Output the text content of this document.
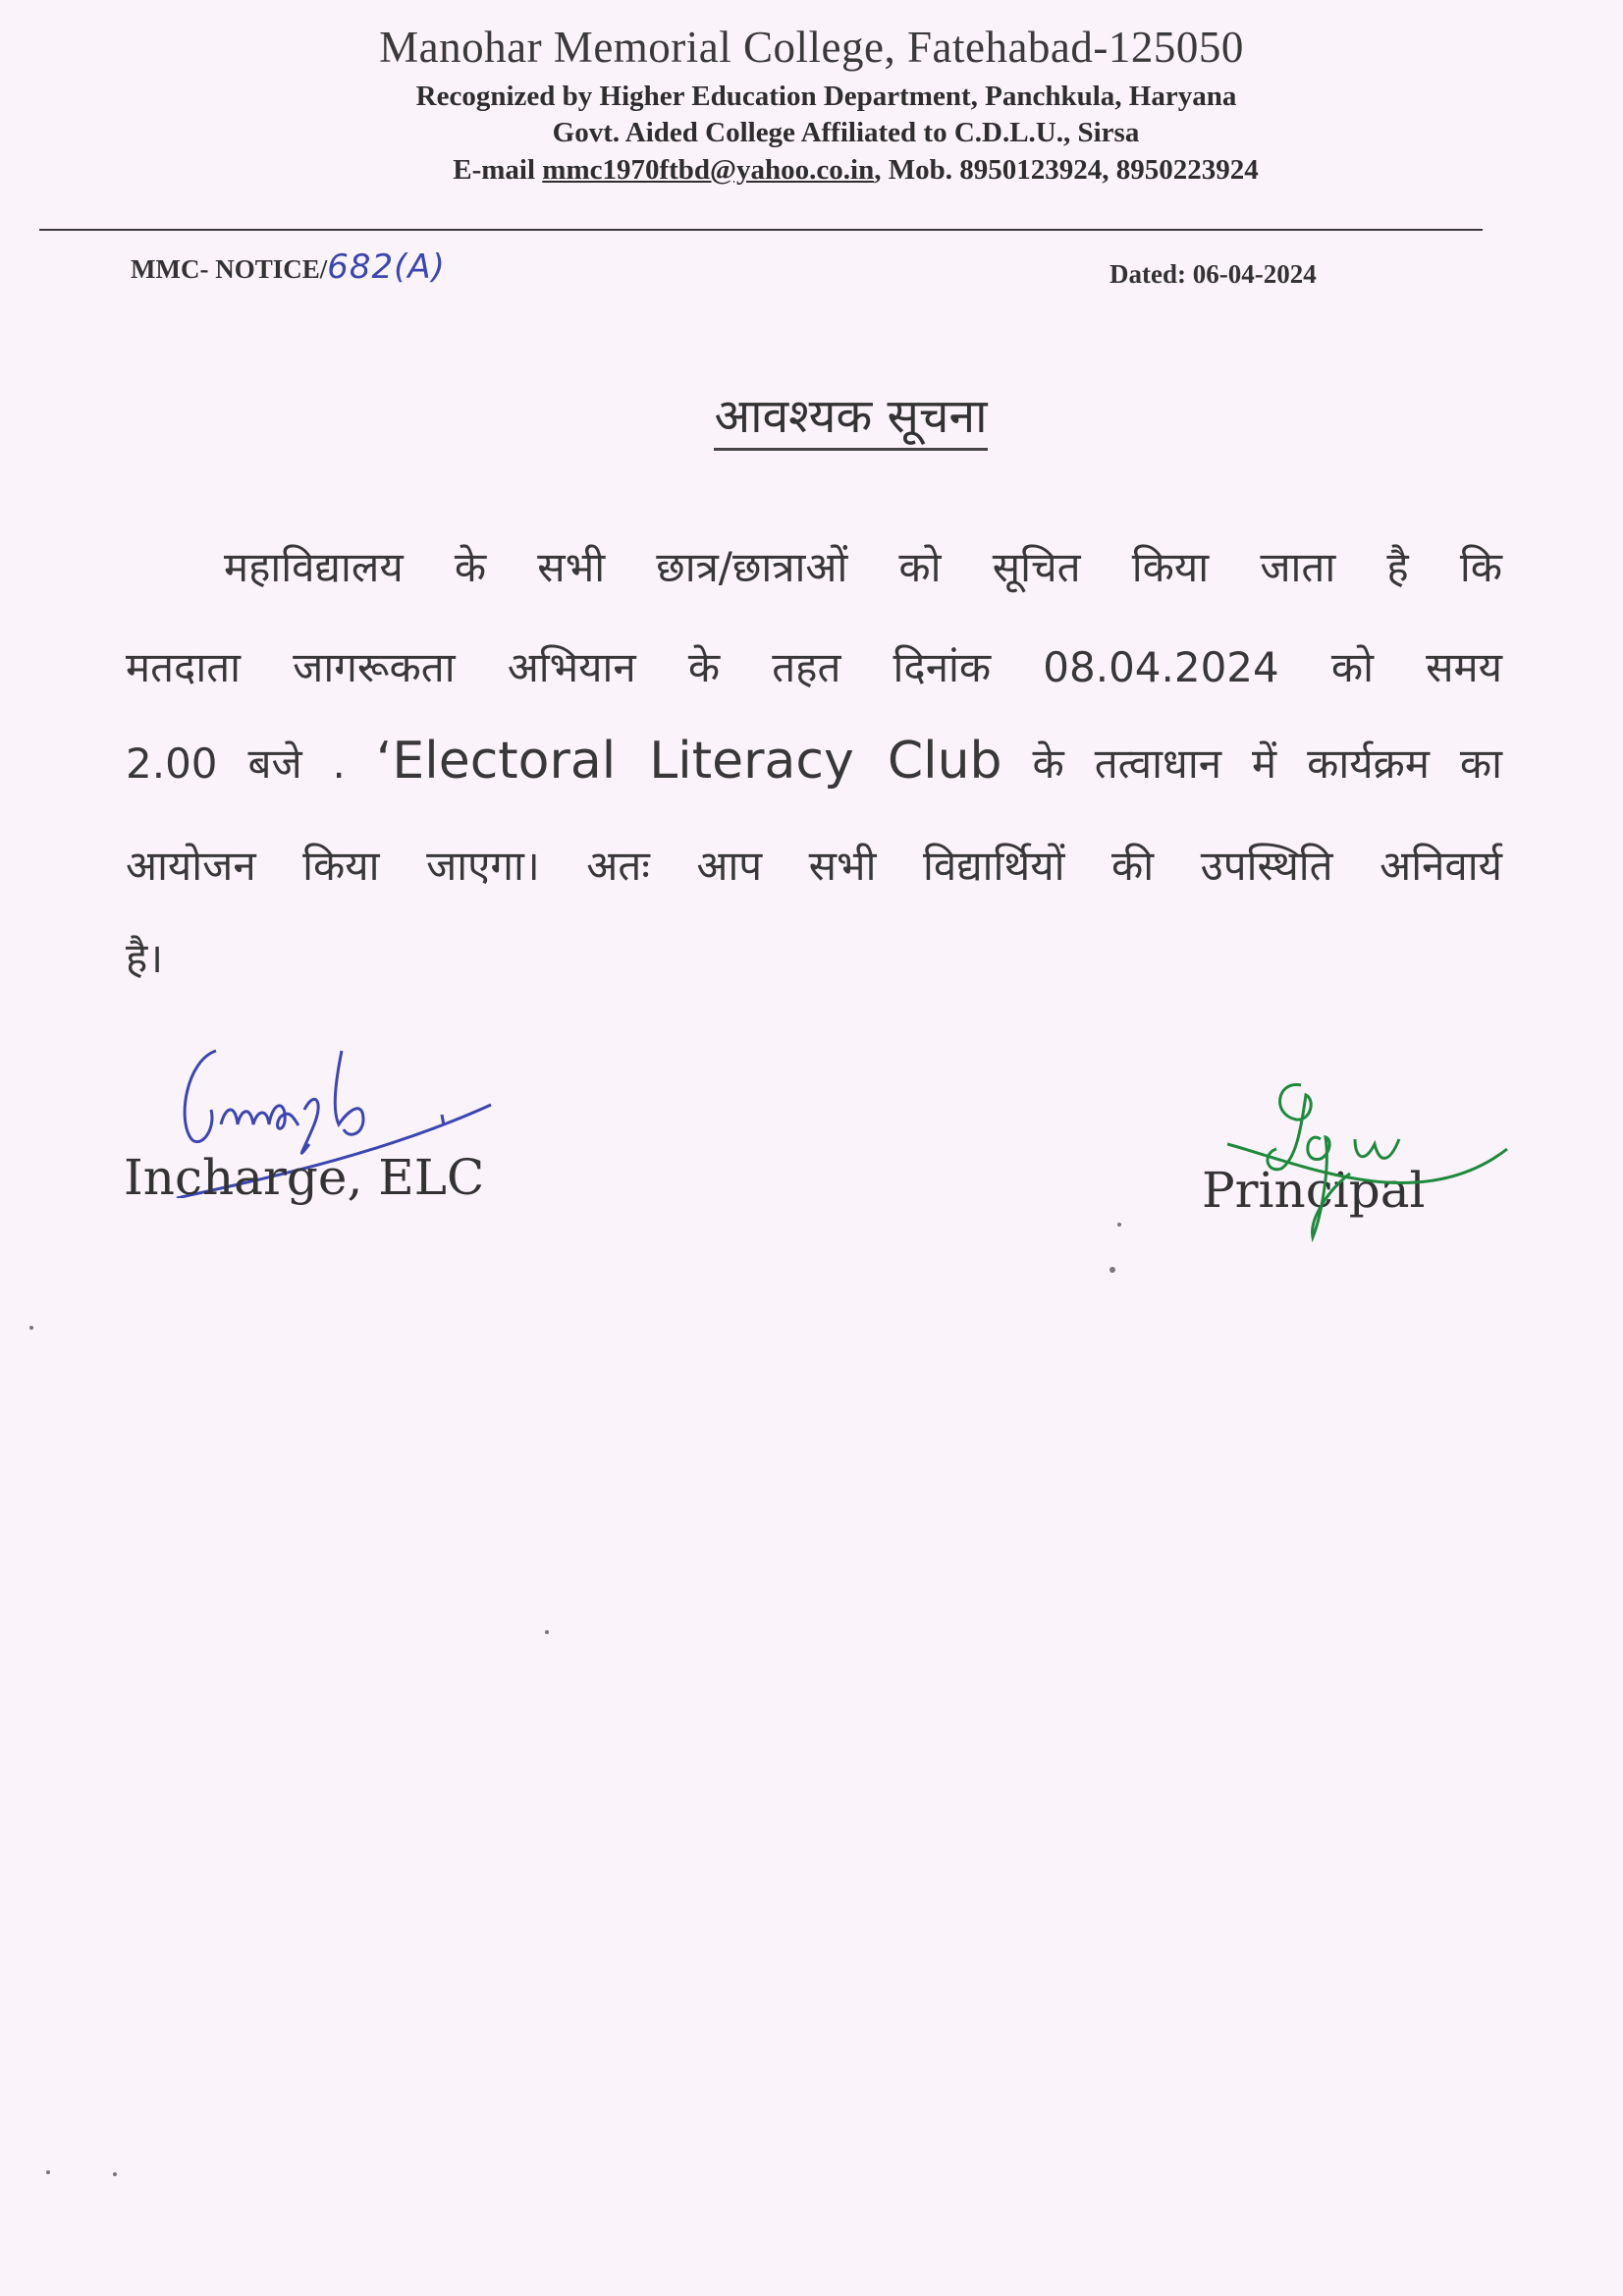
Manohar Memorial College, Fatehabad-125050
Recognized by Higher Education Department, Panchkula, Haryana
Govt. Aided College Affiliated to C.D.L.U., Sirsa
E-mail mmc1970ftbd@yahoo.co.in, Mob. 8950123924, 8950223924
MMC- NOTICE/682(A)	Dated: 06-04-2024
आवश्यक सूचना
महाविद्यालय के सभी छात्र/छात्राओं को सूचित किया जाता है कि
मतदाता जागरूकता अभियान के तहत दिनांक 08.04.2024 को समय
2.00 बजे . ‘Electoral Literacy Club के तत्वाधान में कार्यक्रम का
आयोजन किया जाएगा। अतः आप सभी विद्यार्थियों की उपस्थिति अनिवार्य
है।
Incharge, ELC	Principal
